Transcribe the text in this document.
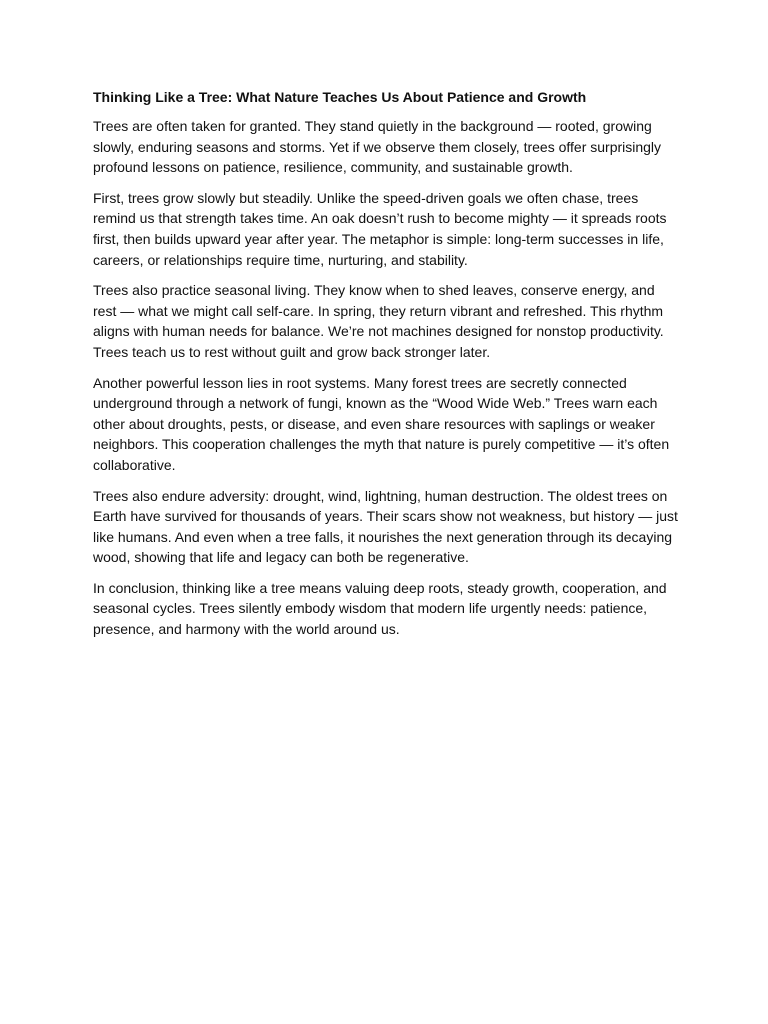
Thinking Like a Tree: What Nature Teaches Us About Patience and Growth

Trees are often taken for granted. They stand quietly in the background — rooted, growing slowly, enduring seasons and storms. Yet if we observe them closely, trees offer surprisingly profound lessons on patience, resilience, community, and sustainable growth.

First, trees grow slowly but steadily. Unlike the speed-driven goals we often chase, trees remind us that strength takes time. An oak doesn’t rush to become mighty — it spreads roots first, then builds upward year after year. The metaphor is simple: long-term successes in life, careers, or relationships require time, nurturing, and stability.

Trees also practice seasonal living. They know when to shed leaves, conserve energy, and rest — what we might call self-care. In spring, they return vibrant and refreshed. This rhythm aligns with human needs for balance. We’re not machines designed for nonstop productivity. Trees teach us to rest without guilt and grow back stronger later.

Another powerful lesson lies in root systems. Many forest trees are secretly connected underground through a network of fungi, known as the “Wood Wide Web.” Trees warn each other about droughts, pests, or disease, and even share resources with saplings or weaker neighbors. This cooperation challenges the myth that nature is purely competitive — it’s often collaborative.

Trees also endure adversity: drought, wind, lightning, human destruction. The oldest trees on Earth have survived for thousands of years. Their scars show not weakness, but history — just like humans. And even when a tree falls, it nourishes the next generation through its decaying wood, showing that life and legacy can both be regenerative.

In conclusion, thinking like a tree means valuing deep roots, steady growth, cooperation, and seasonal cycles. Trees silently embody wisdom that modern life urgently needs: patience, presence, and harmony with the world around us.
